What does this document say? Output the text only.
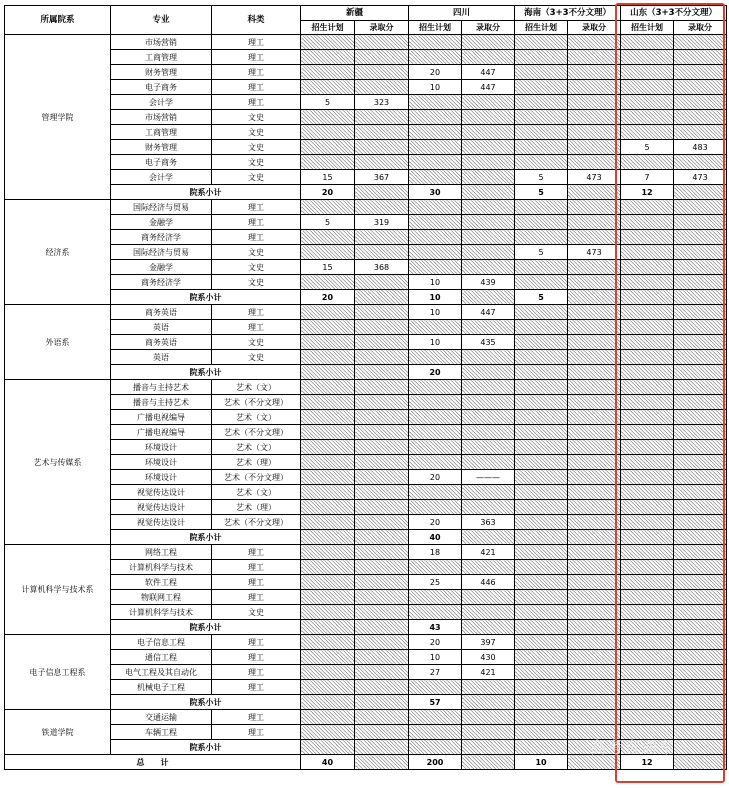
所属院系	专业	科类	新疆		四川		海南（3+3不分文理）		山东（3+3不分文理）	
			招生计划	录取分	招生计划	录取分	招生计划	录取分	招生计划	录取分
管理学院	市场营销	理工								
	工商管理	理工								
	财务管理	理工			20	447				
	电子商务	理工			10	447				
	会计学	理工	5	323						
	市场营销	文史								
	工商管理	文史								
	财务管理	文史							5	483
	电子商务	文史								
	会计学	文史	15	367			5	473	7	473
	院系小计		20		30		5		12	
经济系	国际经济与贸易	理工								
	金融学	理工	5	319						
	商务经济学	理工								
	国际经济与贸易	文史					5	473		
	金融学	文史	15	368						
	商务经济学	文史			10	439				
	院系小计		20		10		5			
外语系	商务英语	理工			10	447				
	英语	理工								
	商务英语	文史			10	435				
	英语	文史								
	院系小计				20					
艺术与传媒系	播音与主持艺术	艺术（文）								
	播音与主持艺术	艺术（不分文理）								
	广播电视编导	艺术（文）								
	广播电视编导	艺术（不分文理）								
	环境设计	艺术（文）								
	环境设计	艺术（理）								
	环境设计	艺术（不分文理）			20	———				
	视觉传达设计	艺术（文）								
	视觉传达设计	艺术（理）								
	视觉传达设计	艺术（不分文理）			20	363				
	院系小计				40					
计算机科学与技术系	网络工程	理工			18	421				
	计算机科学与技术	理工								
	软件工程	理工			25	446				
	物联网工程	理工								
	计算机科学与技术	文史								
	院系小计				43					
电子信息工程系	电子信息工程	理工			20	397				
	通信工程	理工			10	430				
	电气工程及其自动化	理工			27	421				
	机械电子工程	理工								
	院系小计				57					
铁道学院	交通运输	理工								
	车辆工程	理工								
	院系小计									
总　　计			40		200		10		12	
高考直通车
